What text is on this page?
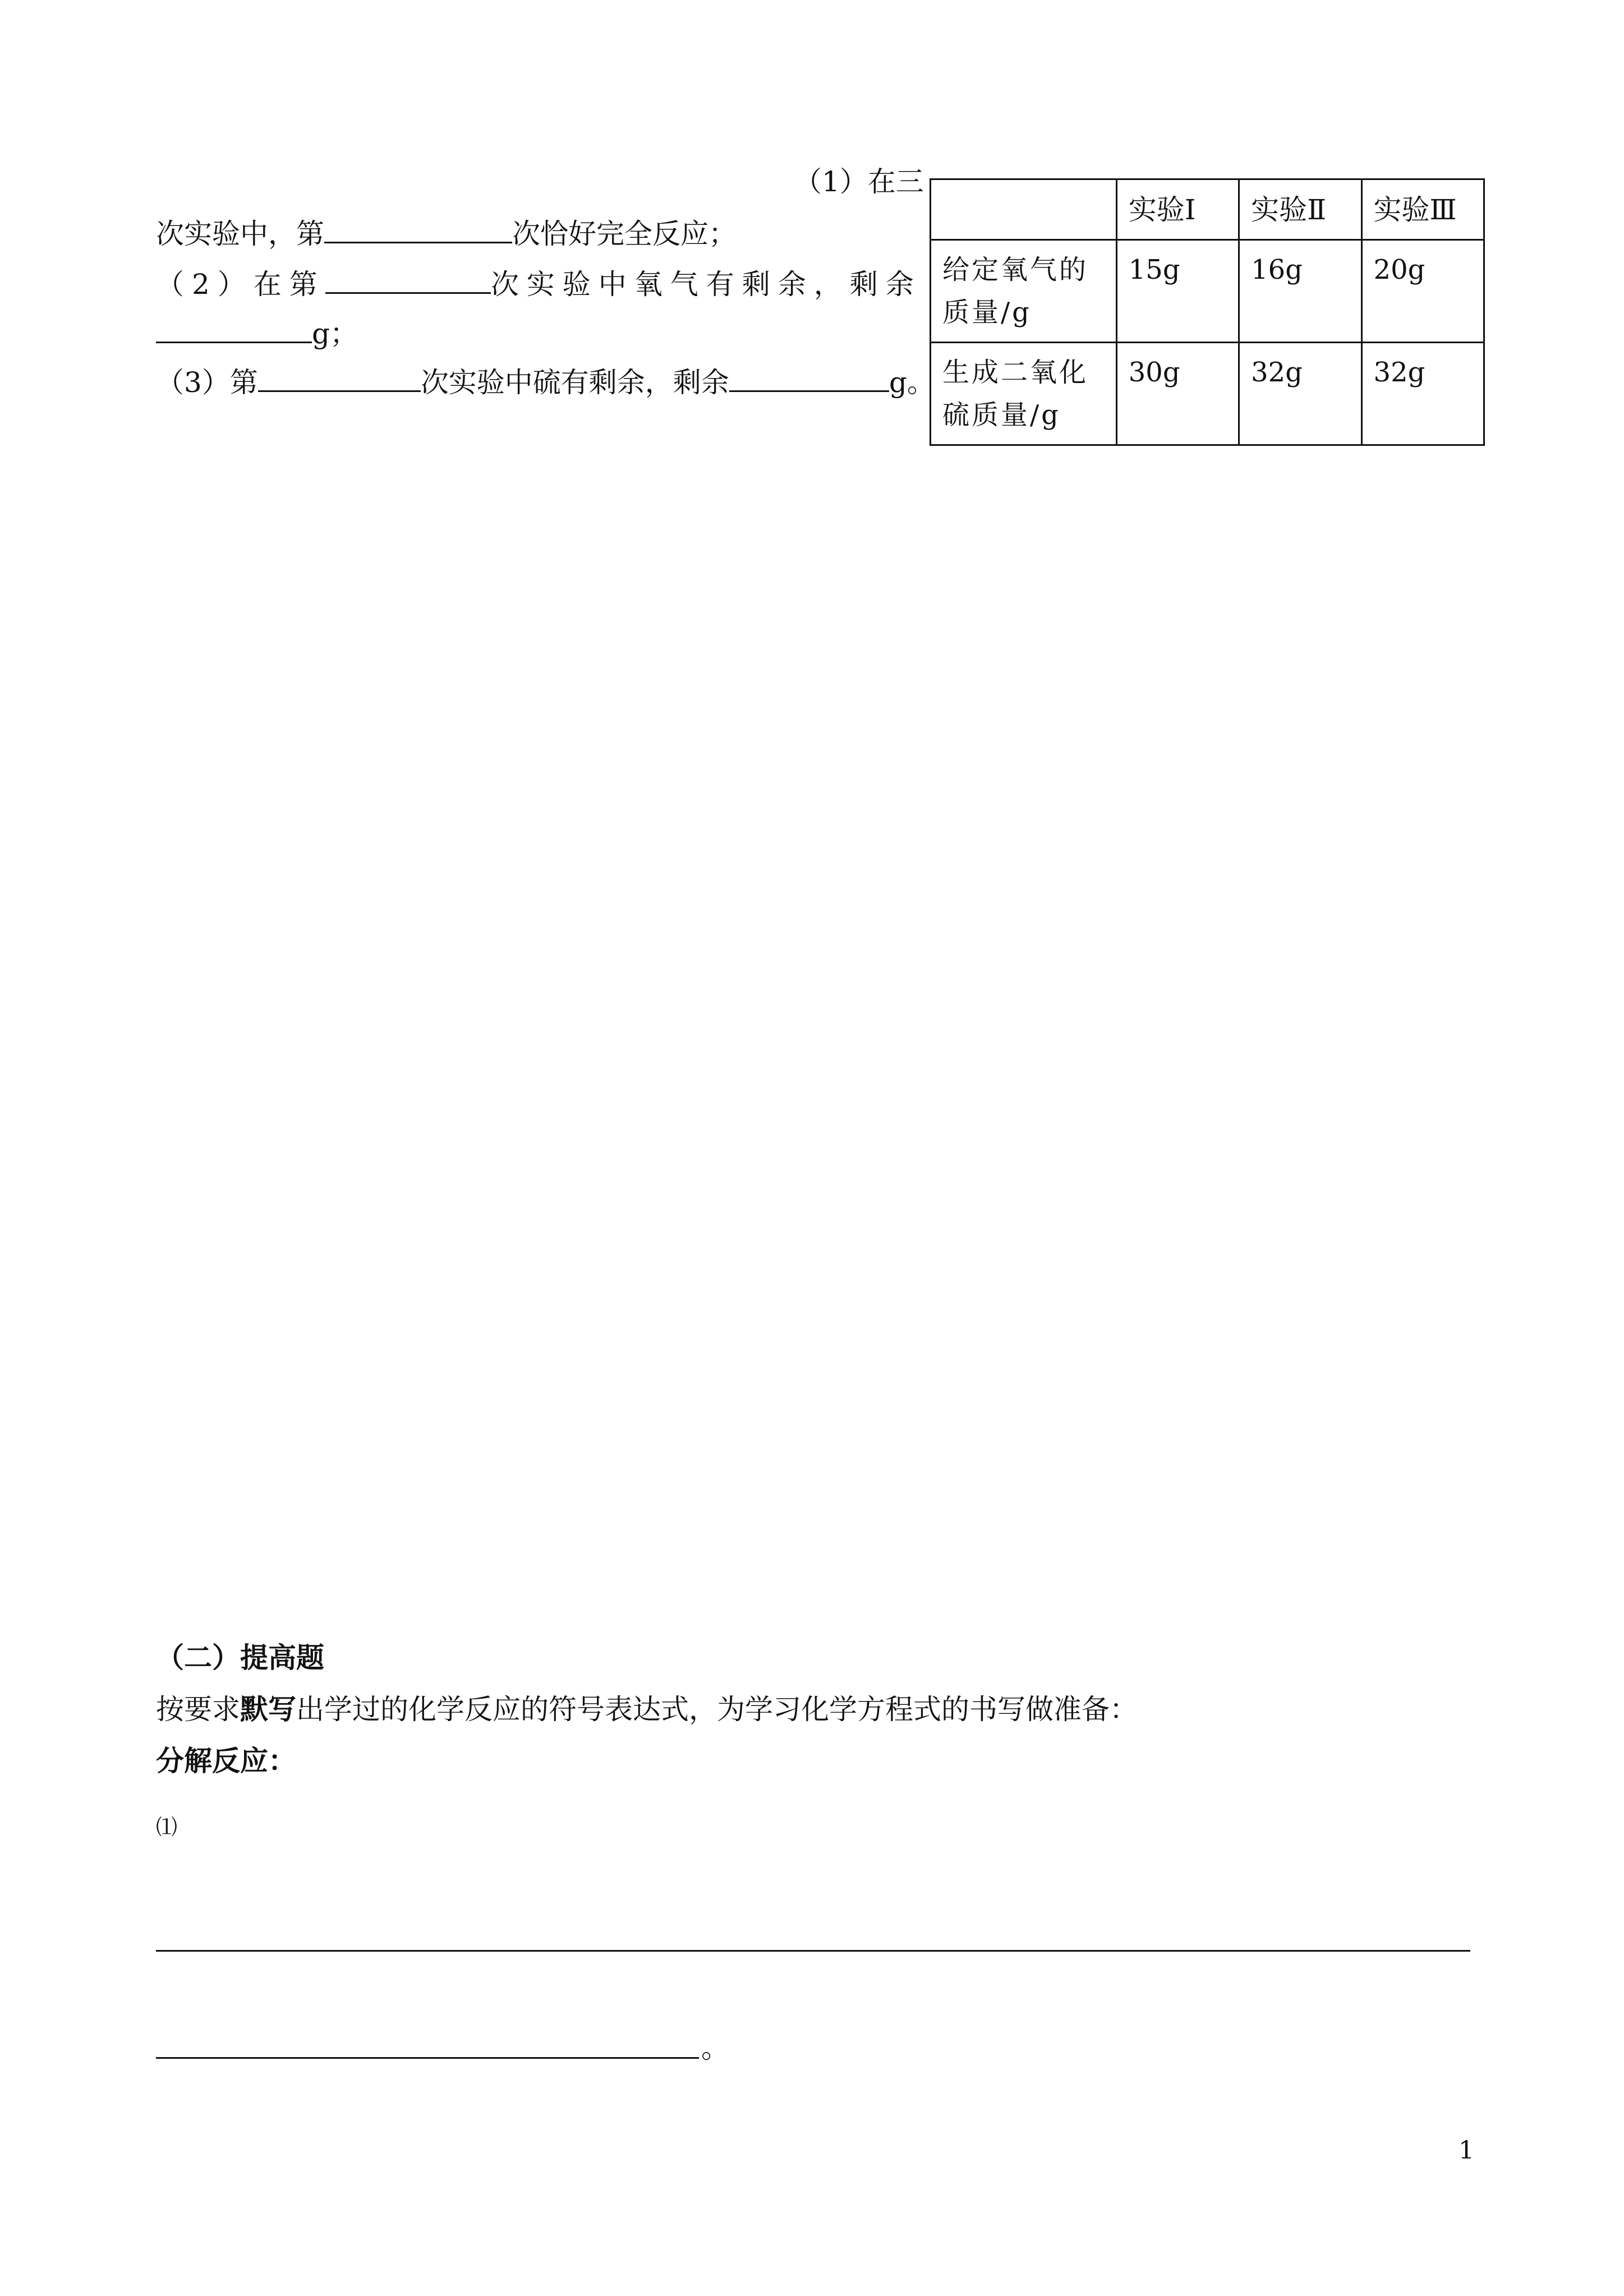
（1）在三
次实验中，第	次恰好完全反应；
（2）在第	次实验中氧气有剩余，剩余
g；
（3）第	次实验中硫有剩余，剩余	g。
	实验Ⅰ	实验Ⅱ	实验Ⅲ
给定氧气的质量/g	15g	16g	20g
生成二氧化硫质量/g	30g	32g	32g
（二）提高题
按要求默写出学过的化学反应的符号表达式，为学习化学方程式的书写做准备：
分解反应：
⑴
。
1
